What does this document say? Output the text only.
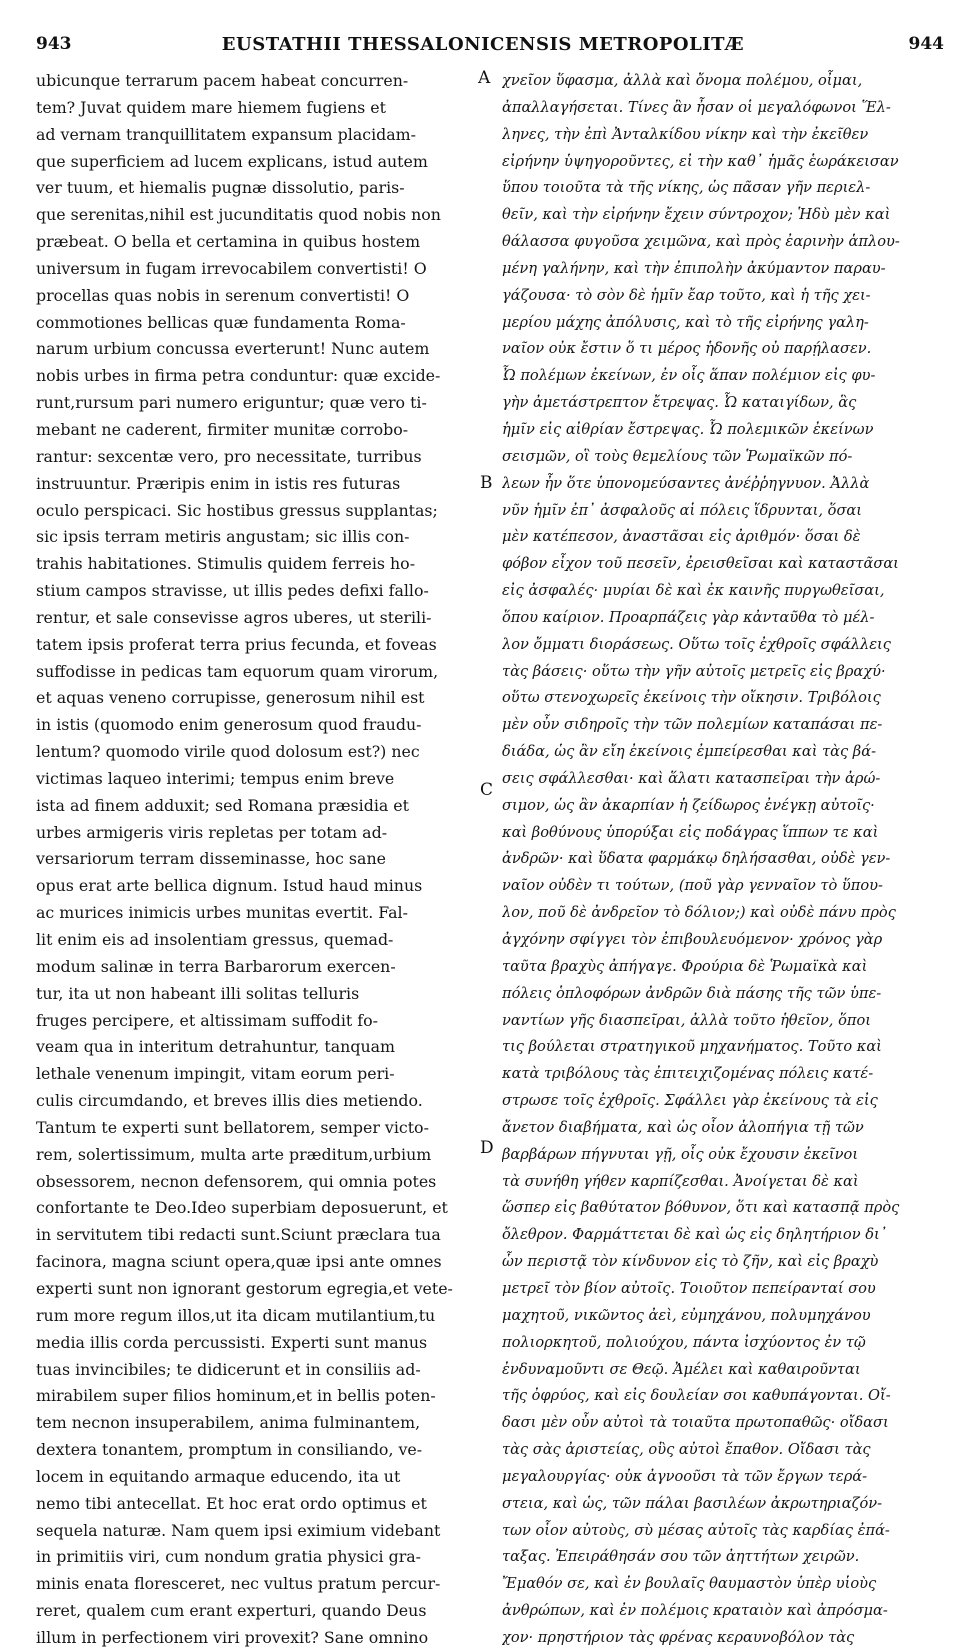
943	EUSTATHII THESSALONICENSIS METROPOLITÆ	944
ubicunque terrarum pacem habeat concurren-
tem? Juvat quidem mare hiemem fugiens et
ad vernam tranquillitatem expansum placidam-
que superficiem ad lucem explicans, istud autem
ver tuum, et hiemalis pugnæ dissolutio, paris-
que serenitas,nihil est jucunditatis quod nobis non
præbeat. O bella et certamina in quibus hostem
universum in fugam irrevocabilem convertisti! O
procellas quas nobis in serenum convertisti! O
commotiones bellicas quæ fundamenta Roma-
narum urbium concussa everterunt! Nunc autem
nobis urbes in firma petra conduntur: quæ excide-
runt,rursum pari numero eriguntur; quæ vero ti-
mebant ne caderent, firmiter munitæ corrobo-
rantur: sexcentæ vero, pro necessitate, turribus
instruuntur. Præripis enim in istis res futuras
oculo perspicaci. Sic hostibus gressus supplantas;
sic ipsis terram metiris angustam; sic illis con-
trahis habitationes. Stimulis quidem ferreis ho-
stium campos stravisse, ut illis pedes defixi fallo-
rentur, et sale consevisse agros uberes, ut sterili-
tatem ipsis proferat terra prius fecunda, et foveas
suffodisse in pedicas tam equorum quam virorum,
et aquas veneno corrupisse, generosum nihil est
in istis (quomodo enim generosum quod fraudu-
lentum? quomodo virile quod dolosum est?) nec
victimas laqueo interimi; tempus enim breve
ista ad finem adduxit; sed Romana præsidia et
urbes armigeris viris repletas per totam ad-
versariorum terram disseminasse, hoc sane
opus erat arte bellica dignum. Istud haud minus
ac murices inimicis urbes munitas evertit. Fal-
lit enim eis ad insolentiam gressus, quemad-
modum salinæ in terra Barbarorum exercen-
tur, ita ut non habeant illi solitas telluris
fruges percipere, et altissimam suffodit fo-
veam qua in interitum detrahuntur, tanquam
lethale venenum impingit, vitam eorum peri-
culis circumdando, et breves illis dies metiendo.
Tantum te experti sunt bellatorem, semper victo-
rem, solertissimum, multa arte præditum,urbium
obsessorem, necnon defensorem, qui omnia potes
confortante te Deo.Ideo superbiam deposuerunt, et
in servitutem tibi redacti sunt.Sciunt præclara tua
facinora, magna sciunt opera,quæ ipsi ante omnes
experti sunt non ignorant gestorum egregia,et vete-
rum more regum illos,ut ita dicam mutilantium,tu
media illis corda percussisti. Experti sunt manus
tuas invincibiles; te didicerunt et in consiliis ad-
mirabilem super filios hominum,et in bellis poten-
tem necnon insuperabilem, anima fulminantem,
dextera tonantem, promptum in consiliando, ve-
locem in equitando armaque educendo, ita ut
nemo tibi antecellat. Et hoc erat ordo optimus et
sequela naturæ. Nam quem ipsi eximium videbant
in primitiis viri, cum nondum gratia physici gra-
minis enata floresceret, nec vultus pratum percur-
reret, qualem cum erant experturi, quando Deus
illum in perfectionem viri provexit? Sane omnino
χνεῖον ὕφασμα, ἀλλὰ καὶ ὄνομα πολέμου, οἶμαι,
ἀπαλλαγήσεται. Τίνες ἂν ἦσαν οἱ μεγαλόφωνοι Ἕλ-
ληνες, τὴν ἐπὶ Ἀνταλκίδου νίκην καὶ τὴν ἐκεῖθεν
εἰρήνην ὑψηγοροῦντες, εἰ τὴν καθ᾽ ἡμᾶς ἑωράκεισαν
ὕπου τοιοῦτα τὰ τῆς νίκης, ὡς πᾶσαν γῆν περιελ-
θεῖν, καὶ τὴν εἰρήνην ἔχειν σύντροχον; Ἡδὺ μὲν καὶ
θάλασσα φυγοῦσα χειμῶνα, καὶ πρὸς ἐαρινὴν ἁπλου-
μένη γαλήνην, καὶ τὴν ἐπιπολὴν ἀκύμαντον παραυ-
γάζουσα· τὸ σὸν δὲ ἡμῖν ἔαρ τοῦτο, καὶ ἡ τῆς χει-
μερίου μάχης ἀπόλυσις, καὶ τὸ τῆς εἰρήνης γαλη-
ναῖον οὐκ ἔστιν ὅ τι μέρος ἡδονῆς οὐ παρῄλασεν.
Ὦ πολέμων ἐκείνων, ἐν οἷς ἅπαν πολέμιον εἰς φυ-
γὴν ἀμετάστρεπτον ἔτρεψας. Ὦ καταιγίδων, ἃς
ἡμῖν εἰς αἰθρίαν ἔστρεψας. Ὦ πολεμικῶν ἐκείνων
σεισμῶν, οἳ τοὺς θεμελίους τῶν Ῥωμαϊκῶν πό-
λεων ἦν ὅτε ὑπονομεύσαντες ἀνέῤῥηγνυον. Ἀλλὰ
νῦν ἡμῖν ἐπ᾽ ἀσφαλοῦς αἱ πόλεις ἵδρυνται, ὅσαι
μὲν κατέπεσον, ἀναστᾶσαι εἰς ἀριθμόν· ὅσαι δὲ
φόβον εἶχον τοῦ πεσεῖν, ἐρεισθεῖσαι καὶ καταστᾶσαι
εἰς ἀσφαλές· μυρίαι δὲ καὶ ἐκ καινῆς πυργωθεῖσαι,
ὅπου καίριον. Προαρπάζεις γὰρ κἀνταῦθα τὸ μέλ-
λον ὄμματι διοράσεως. Οὕτω τοῖς ἐχθροῖς σφάλλεις
τὰς βάσεις· οὕτω τὴν γῆν αὐτοῖς μετρεῖς εἰς βραχύ·
οὕτω στενοχωρεῖς ἐκείνοις τὴν οἴκησιν. Τριβόλοις
μὲν οὖν σιδηροῖς τὴν τῶν πολεμίων καταπάσαι πε-
διάδα, ὡς ἂν εἴη ἐκείνοις ἐμπείρεσθαι καὶ τὰς βά-
σεις σφάλλεσθαι· καὶ ἅλατι κατασπεῖραι τὴν ἀρώ-
σιμον, ὡς ἂν ἀκαρπίαν ἡ ζείδωρος ἐνέγκῃ αὐτοῖς·
καὶ βοθύνους ὑπορύξαι εἰς ποδάγρας ἵππων τε καὶ
ἀνδρῶν· καὶ ὕδατα φαρμάκῳ δηλήσασθαι, οὐδὲ γεν-
ναῖον οὐδὲν τι τούτων, (ποῦ γὰρ γενναῖον τὸ ὕπου-
λον, ποῦ δὲ ἀνδρεῖον τὸ δόλιον;) καὶ οὐδὲ πάνυ πρὸς
ἀγχόνην σφίγγει τὸν ἐπιβουλευόμενον· χρόνος γὰρ
ταῦτα βραχὺς ἀπήγαγε. Φρούρια δὲ Ῥωμαϊκὰ καὶ
πόλεις ὁπλοφόρων ἀνδρῶν διὰ πάσης τῆς τῶν ὑπε-
ναντίων γῆς διασπεῖραι, ἀλλὰ τοῦτο ἡθεῖον, ὅποι
τις βούλεται στρατηγικοῦ μηχανήματος. Τοῦτο καὶ
κατὰ τριβόλους τὰς ἐπιτειχιζομένας πόλεις κατέ-
στρωσε τοῖς ἐχθροῖς. Σφάλλει γὰρ ἐκείνους τὰ εἰς
ἄνετον διαβήματα, καὶ ὡς οἷον ἁλοπήγια τῇ τῶν
βαρβάρων πήγνυται γῇ, οἷς οὐκ ἔχουσιν ἐκεῖνοι
τὰ συνήθη γήθεν καρπίζεσθαι. Ἀνοίγεται δὲ καὶ
ὥσπερ εἰς βαθύτατον βόθυνον, ὅτι καὶ κατασπᾷ πρὸς
ὄλεθρον. Φαρμάττεται δὲ καὶ ὡς εἰς δηλητήριον δι᾽
ὧν περιστᾷ τὸν κίνδυνον εἰς τὸ ζῆν, καὶ εἰς βραχὺ
μετρεῖ τὸν βίον αὐτοῖς. Τοιοῦτον πεπείρανταί σου
μαχητοῦ, νικῶντος ἀεὶ, εὐμηχάνου, πολυμηχάνου
πολιορκητοῦ, πολιούχου, πάντα ἰσχύοντος ἐν τῷ
ἐνδυναμοῦντι σε Θεῷ. Ἀμέλει καὶ καθαιροῦνται
τῆς ὀφρύος, καὶ εἰς δουλείαν σοι καθυπάγονται. Οἴ-
δασι μὲν οὖν αὐτοὶ τὰ τοιαῦτα πρωτοπαθῶς· οἴδασι
τὰς σὰς ἀριστείας, οὓς αὐτοὶ ἔπαθον. Οἴδασι τὰς
μεγαλουργίας· οὐκ ἀγνοοῦσι τὰ τῶν ἔργων τερά-
στεια, καὶ ὡς, τῶν πάλαι βασιλέων ἀκρωτηριαζόν-
των οἷον αὐτοὺς, σὺ μέσας αὐτοῖς τὰς καρδίας ἐπά-
ταξας. Ἐπειράθησάν σου τῶν ἀηττήτων χειρῶν.
Ἔμαθόν σε, καὶ ἐν βουλαῖς θαυμαστὸν ὑπὲρ υἱοὺς
ἀνθρώπων, καὶ ἐν πολέμοις κραταιὸν καὶ ἀπρόσμα-
χον· πρηστήριον τὰς φρένας κεραυνοβόλον τὰς
A
B
C
D
